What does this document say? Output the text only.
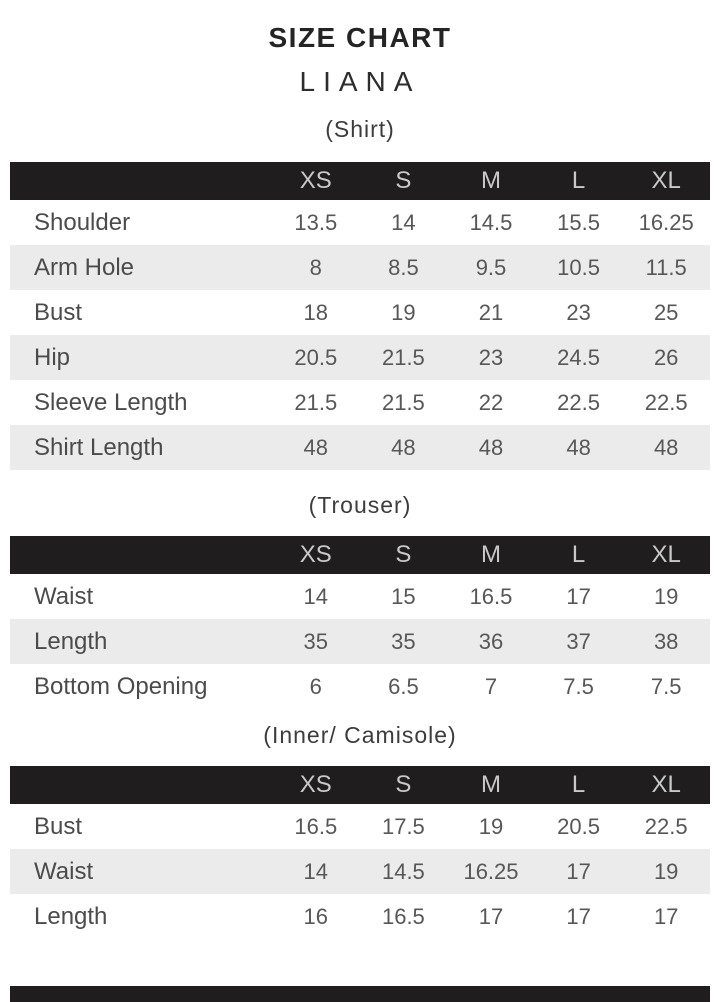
SIZE CHART
LIANA
(Shirt)
	XS	S	M	L	XL
Shoulder	13.5	14	14.5	15.5	16.25
Arm Hole	8	8.5	9.5	10.5	11.5
Bust	18	19	21	23	25
Hip	20.5	21.5	23	24.5	26
Sleeve Length	21.5	21.5	22	22.5	22.5
Shirt Length	48	48	48	48	48
(Trouser)
	XS	S	M	L	XL
Waist	14	15	16.5	17	19
Length	35	35	36	37	38
Bottom Opening	6	6.5	7	7.5	7.5
(Inner/ Camisole)
	XS	S	M	L	XL
Bust	16.5	17.5	19	20.5	22.5
Waist	14	14.5	16.25	17	19
Length	16	16.5	17	17	17
